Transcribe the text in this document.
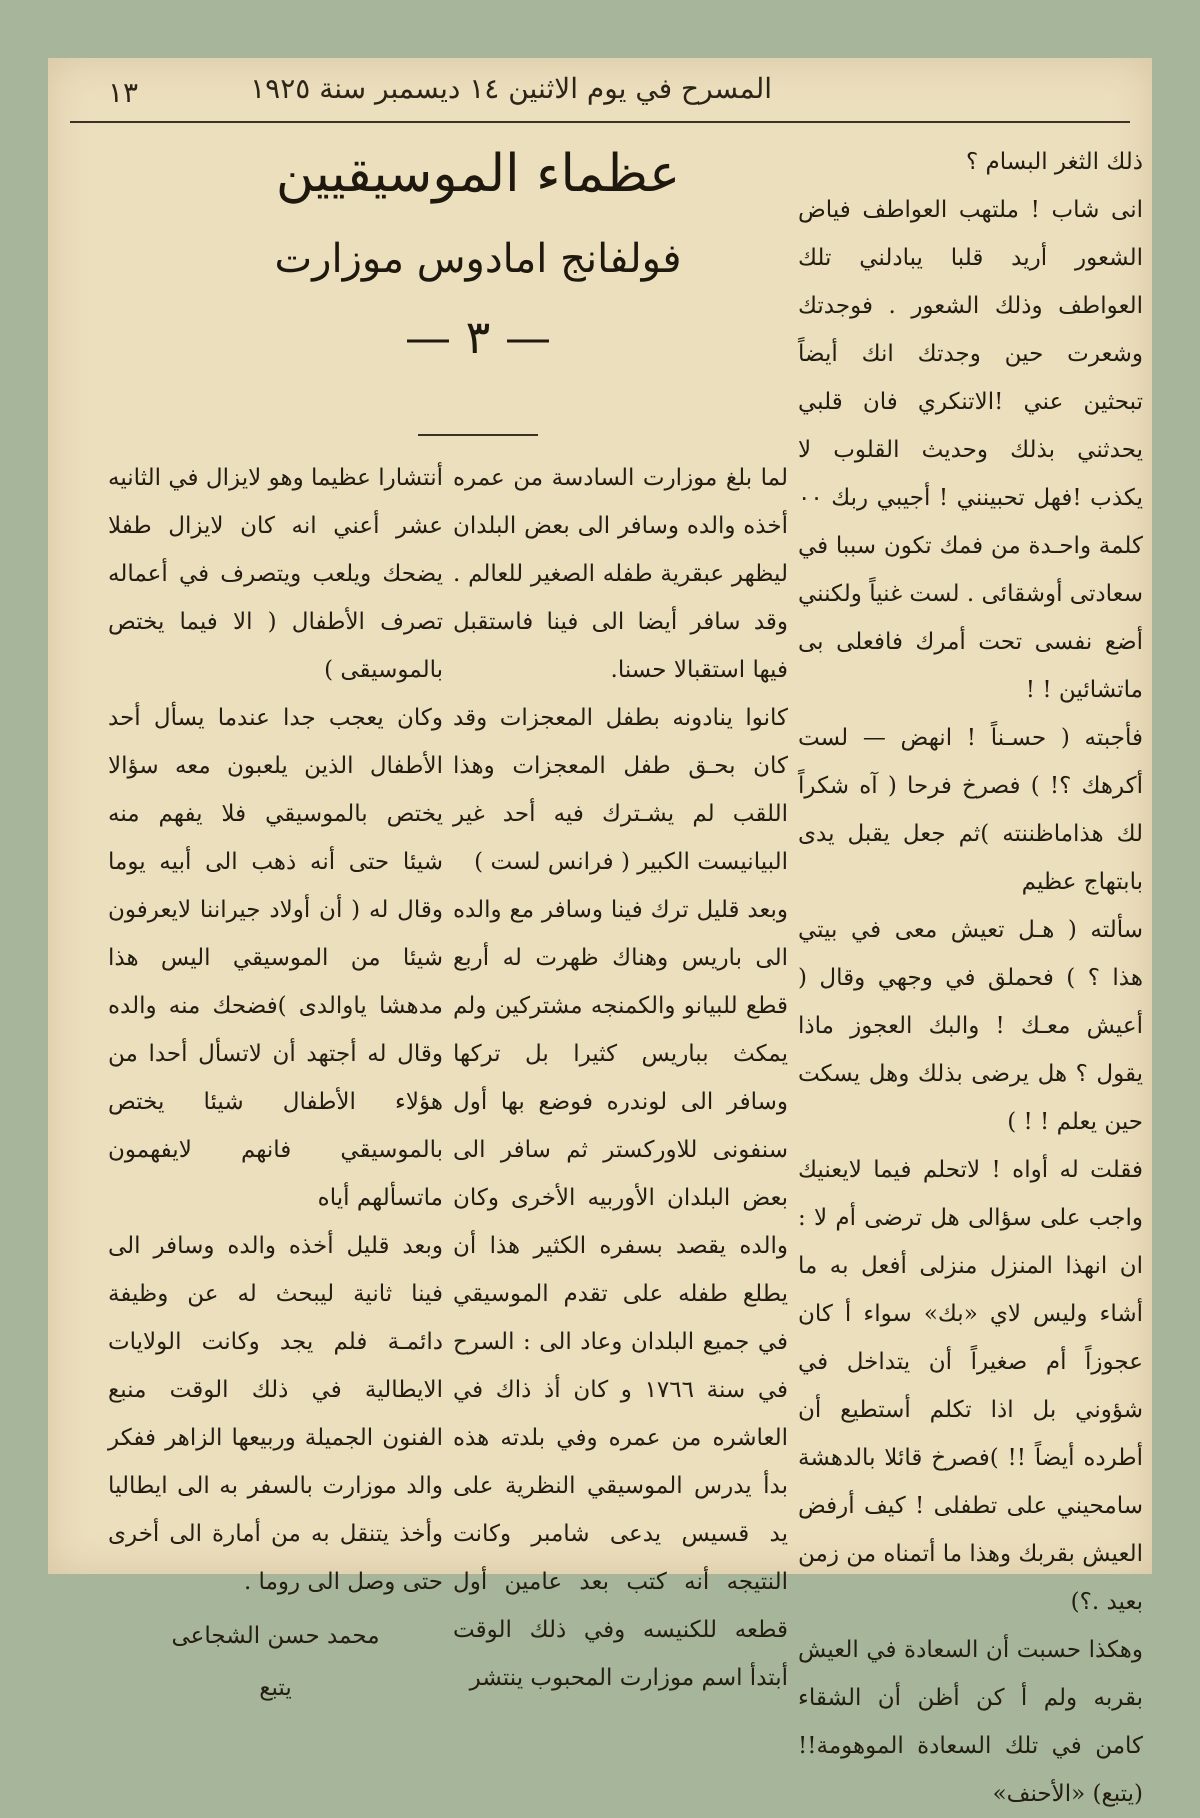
١٣	المسرح في يوم الاثنين ١٤ ديسمبر سنة ١٩٢٥

ذلك الثغر البسام ؟

انى شاب ! ملتهب العواطف فياض الشعور أريد قلبا يبادلني تلك العواطف وذلك الشعور . فوجدتك وشعرت حين وجدتك انك أيضاً تبحثين عني !الاتنكري فان قلبي يحدثني بذلك وحديث القلوب لا يكذب !فهل تحبينني ! أجيبي ربك ٠٠ كلمة واحـدة من فمك تكون سببا في سعادتى أوشقائى . لست غنياً ولكنني أضع نفسى تحت أمرك فافعلى بى ماتشائين ! !

فأجبته ( حسـناً ! انهض — لست أكرهك ؟! ) فصرخ فرحا ( آه شكراً لك هذاماظننته )ثم جعل يقبل يدى بابتهاج عظيم

سألته ( هـل تعيش معى في بيتي هذا ؟ ) فحملق في وجهي وقال ( أعيش معـك ! والبك العجوز ماذا يقول ؟ هل يرضى بذلك وهل يسكت حين يعلم ! ! )

فقلت له أواه ! لاتحلم فيما لايعنيك واجب على سؤالى هل ترضى أم لا : ان انهذا المنزل منزلى أفعل به ما أشاء وليس لاي «بك» سواء أ كان عجوزاً أم صغيراً أن يتداخل في شؤوني بل اذا تكلم أستطيع أن أطرده أيضاً !! )فصرخ قائلا بالدهشة سامحيني على تطفلى ! كيف أرفض العيش بقربك وهذا ما أتمناه من زمن بعيد .؟)

وهكذا حسبت أن السعادة في العيش بقربه ولم أ كن أظن أن الشقاء كامن في تلك السعادة الموهومة!! (يتبع) «الأحنف»

عظماء الموسيقيين
فولفانج امادوس موزارت
— ٣ —

لما بلغ موزارت السادسة من عمره أخذه والده وسافر الى بعض البلدان ليظهر عبقرية طفله الصغير للعالم . وقد سافر أيضا الى فينا فاستقبل فيها استقبالا حسنا.

كانوا ينادونه بطفل المعجزات وقد كان بحـق طفل المعجزات وهذا اللقب لم يشـترك فيه أحد غير البيانيست الكبير ( فرانس لست )

وبعد قليل ترك فينا وسافر مع والده الى باريس وهناك ظهرت له أربع قطع للبيانو والكمنجه مشتركين ولم يمكث بباريس كثيرا بل تركها وسافر الى لوندره فوضع بها أول سنفونى للاوركستر ثم سافر الى بعض البلدان الأوربيه الأخرى وكان والده يقصد بسفره الكثير هذا أن يطلع طفله على تقدم الموسيقي في جميع البلدان وعاد الى : السرح في سنة ١٧٦٦ و كان أذ ذاك في العاشره من عمره وفي بلدته هذه بدأ يدرس الموسيقي النظرية على يد قسيس يدعى شامبر وكانت النتيجه أنه كتب بعد عامين أول قطعه للكنيسه وفي ذلك الوقت أبتدأ اسم موزارت المحبوب ينتشر

أنتشارا عظيما وهو لايزال في الثانيه عشر أعني انه كان لايزال طفلا يضحك ويلعب ويتصرف في أعماله تصرف الأطفال ( الا فيما يختص بالموسيقى )

وكان يعجب جدا عندما يسأل أحد الأطفال الذين يلعبون معه سؤالا يختص بالموسيقي فلا يفهم منه شيئا حتى أنه ذهب الى أبيه يوما وقال له ( أن أولاد جيراننا لايعرفون شيئا من الموسيقي اليس هذا مدهشا ياوالدى )فضحك منه والده وقال له أجتهد أن لاتسأل أحدا من هؤلاء الأطفال شيئا يختص بالموسيقي فانهم لايفهمون ماتسألهم أياه

وبعد قليل أخذه والده وسافر الى فينا ثانية ليبحث له عن وظيفة دائمـة فلم يجد وكانت الولايات الايطالية في ذلك الوقت منبع الفنون الجميلة وربيعها الزاهر ففكر والد موزارت بالسفر به الى ايطاليا وأخذ يتنقل به من أمارة الى أخرى حتى وصل الى روما .

محمد حسن الشجاعى
يتبع
